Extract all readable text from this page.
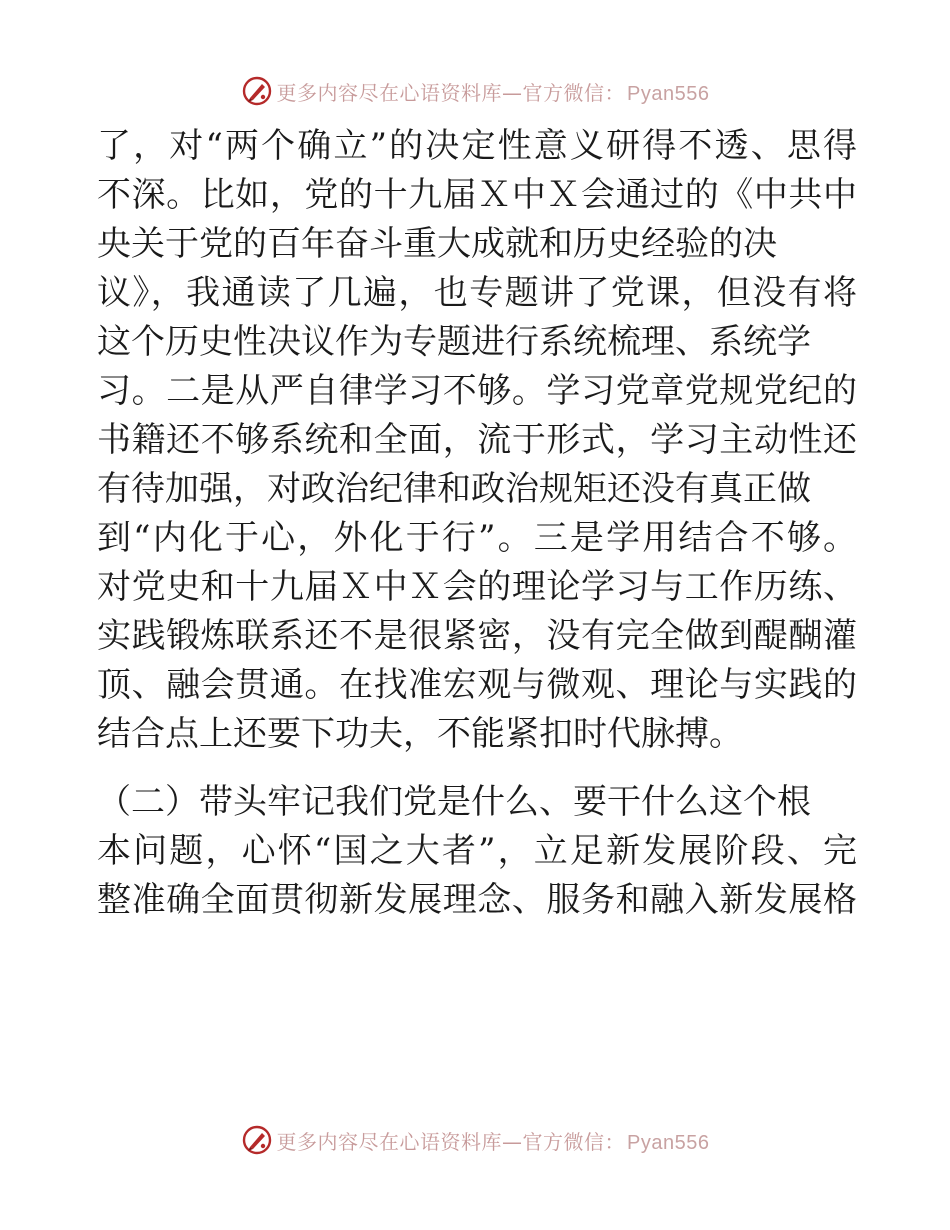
更多内容尽在心语资料库—官方微信： Pyan556
了，对“两个确立”的决定性意义研得不透、思得
不深。比如，党的十九届Ｘ中Ｘ会通过的《中共中
央关于党的百年奋斗重大成就和历史经验的决
议》，我通读了几遍，也专题讲了党课，但没有将
这个历史性决议作为专题进行系统梳理、系统学
习。二是从严自律学习不够。学习党章党规党纪的
书籍还不够系统和全面，流于形式，学习主动性还
有待加强，对政治纪律和政治规矩还没有真正做
到“内化于心，外化于行”。三是学用结合不够。
对党史和十九届Ｘ中Ｘ会的理论学习与工作历练、
实践锻炼联系还不是很紧密，没有完全做到醍醐灌
顶、融会贯通。在找准宏观与微观、理论与实践的
结合点上还要下功夫，不能紧扣时代脉搏。
（二）带头牢记我们党是什么、要干什么这个根
本问题，心怀“国之大者”，立足新发展阶段、完
整准确全面贯彻新发展理念、服务和融入新发展格
更多内容尽在心语资料库—官方微信： Pyan556
